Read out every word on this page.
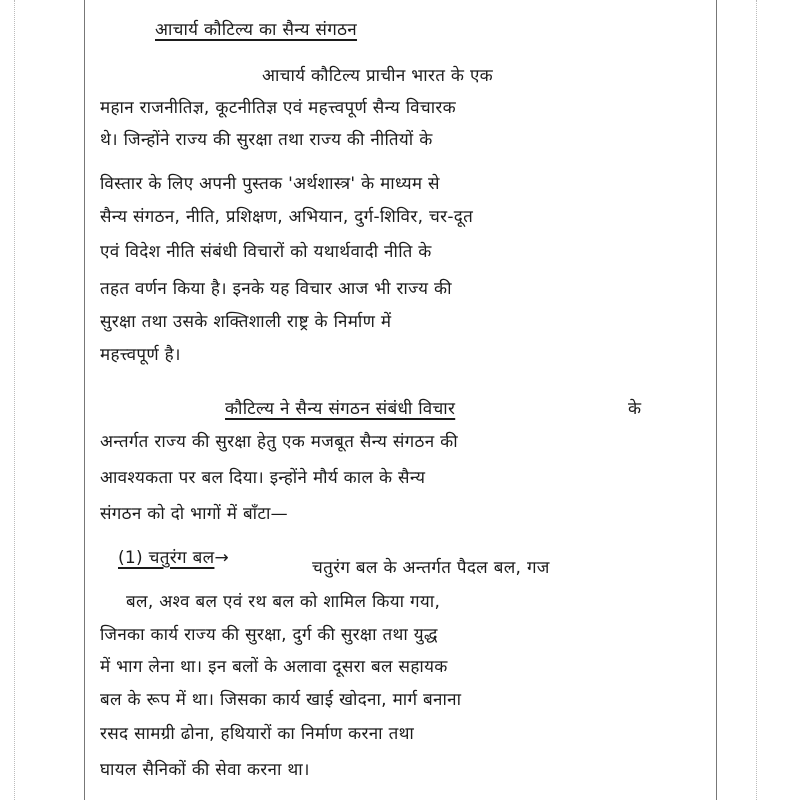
आचार्य कौटिल्य का सैन्य संगठन
आचार्य कौटिल्य प्राचीन भारत के एक
महान राजनीतिज्ञ, कूटनीतिज्ञ एवं महत्त्वपूर्ण सैन्य विचारक
थे। जिन्होंने राज्य की सुरक्षा तथा राज्य की नीतियों के
विस्तार के लिए अपनी पुस्तक 'अर्थशास्त्र' के माध्यम से
सैन्य संगठन, नीति, प्रशिक्षण, अभियान, दुर्ग-शिविर, चर-दूत
एवं विदेश नीति संबंधी विचारों को यथार्थवादी नीति के
तहत वर्णन किया है। इनके यह विचार आज भी राज्य की
सुरक्षा तथा उसके शक्तिशाली राष्ट्र के निर्माण में
महत्त्वपूर्ण है।
कौटिल्य ने सैन्य संगठन संबंधी विचार	के
अन्तर्गत राज्य की सुरक्षा हेतु एक मजबूत सैन्य संगठन की
आवश्यकता पर बल दिया। इन्होंने मौर्य काल के सैन्य
संगठन को दो भागों में बाँटा—
(1) चतुरंग बल→	चतुरंग बल के अन्तर्गत पैदल बल, गज
बल, अश्व बल एवं रथ बल को शामिल किया गया,
जिनका कार्य राज्य की सुरक्षा, दुर्ग की सुरक्षा तथा युद्ध
में भाग लेना था। इन बलों के अलावा दूसरा बल सहायक
बल के रूप में था। जिसका कार्य खाई खोदना, मार्ग बनाना
रसद सामग्री ढोना, हथियारों का निर्माण करना तथा
घायल सैनिकों की सेवा करना था।
